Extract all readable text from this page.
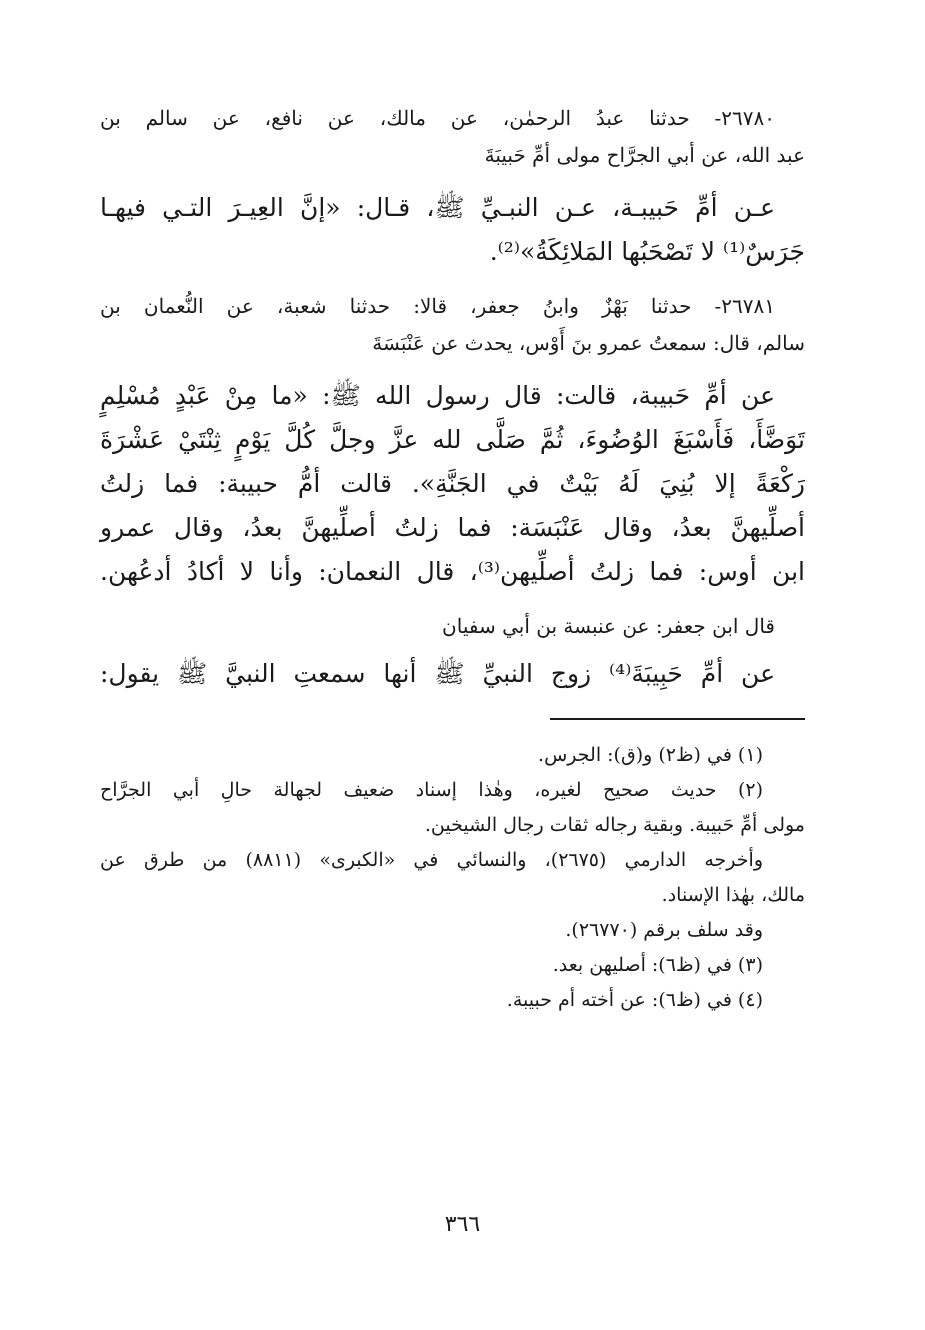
٢٦٧٨٠- حدثنا عبدُ الرحمٰن، عن مالك، عن نافع، عن سالم بن
عبد الله، عن أبي الجرَّاح مولى أمِّ حَبيبَةَ
عـن أمِّ حَبيبـة، عـن النبـيِّ ﷺ، قـال: «إنَّ العِيـرَ التـي فيهـا
جَرَسٌ⁽¹⁾ لا تَصْحَبُها المَلائِكَةُ»⁽²⁾.
٢٦٧٨١- حدثنا بَهْزٌ وابنُ جعفر، قالا: حدثنا شعبة، عن النُّعمان بن
سالم، قال: سمعتُ عمرو بنَ أَوْس، يحدث عن عَنْبَسَةَ
عن أمِّ حَبيبة، قالت: قال رسول الله ﷺ: «ما مِنْ عَبْدٍ مُسْلِمٍ
تَوَضَّأَ، فَأَسْبَغَ الوُضُوءَ، ثُمَّ صَلَّى لله عزَّ وجلَّ كُلَّ يَوْمٍ ثِنْتَيْ عَشْرَةَ
رَكْعَةً إلا بُنِيَ لَهُ بَيْتٌ في الجَنَّةِ». قالت أمُّ حبيبة: فما زلتُ
أصلِّيهنَّ بعدُ، وقال عَنْبَسَة: فما زلتُ أصلِّيهنَّ بعدُ، وقال عمرو
ابن أوس: فما زلتُ أصلِّيهن⁽³⁾، قال النعمان: وأنا لا أكادُ أدعُهن.
قال ابن جعفر: عن عنبسة بن أبي سفيان
عن أمِّ حَبِيبَةَ⁽⁴⁾ زوج النبيِّ ﷺ أنها سمعتِ النبيَّ ﷺ يقول:
(١) في (ظ٢) و(ق): الجرس.
(٢) حديث صحيح لغيره، وهٰذا إسناد ضعيف لجهالة حالِ أبي الجرَّاح
مولى أمِّ حَبيبة. وبقية رجاله ثقات رجال الشيخين.
وأخرجه الدارمي (٢٦٧٥)، والنسائي في «الكبرى» (٨٨١١) من طرق عن
مالك، بهٰذا الإسناد.
وقد سلف برقم (٢٦٧٧٠).
(٣) في (ظ٦): أصليهن بعد.
(٤) في (ظ٦): عن أخته أم حبيبة.
٣٦٦
